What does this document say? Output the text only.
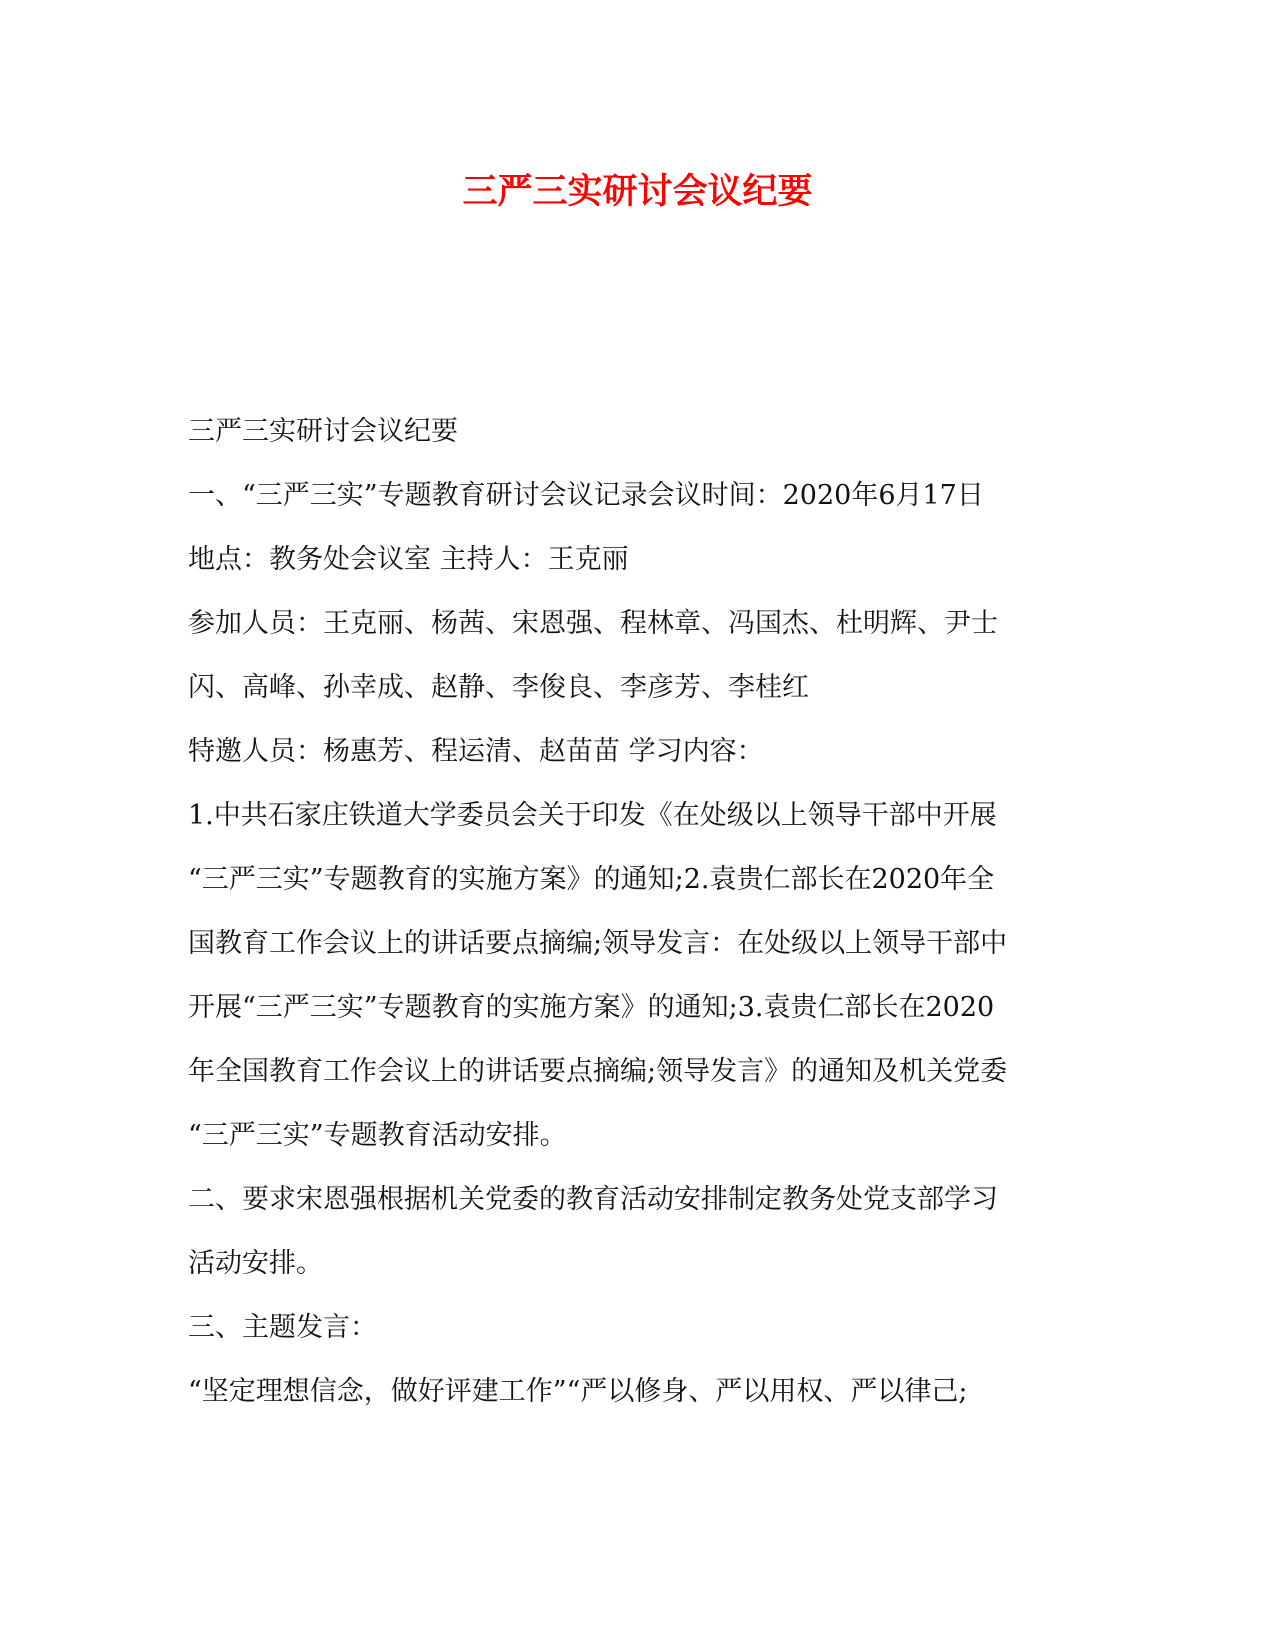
三严三实研讨会议纪要
三严三实研讨会议纪要
一、“三严三实”专题教育研讨会议记录会议时间：2020年6月17日
地点：教务处会议室 主持人：王克丽
参加人员：王克丽、杨茜、宋恩强、程林章、冯国杰、杜明辉、尹士
闪、高峰、孙幸成、赵静、李俊良、李彦芳、李桂红
特邀人员：杨惠芳、程运清、赵苗苗 学习内容：
1.中共石家庄铁道大学委员会关于印发《在处级以上领导干部中开展
“三严三实”专题教育的实施方案》的通知;2.袁贵仁部长在2020年全
国教育工作会议上的讲话要点摘编;领导发言：在处级以上领导干部中
开展“三严三实”专题教育的实施方案》的通知;3.袁贵仁部长在2020
年全国教育工作会议上的讲话要点摘编;领导发言》的通知及机关党委
“三严三实”专题教育活动安排。
二、要求宋恩强根据机关党委的教育活动安排制定教务处党支部学习
活动安排。
三、主题发言：
“坚定理想信念，做好评建工作”“严以修身、严以用权、严以律己;
